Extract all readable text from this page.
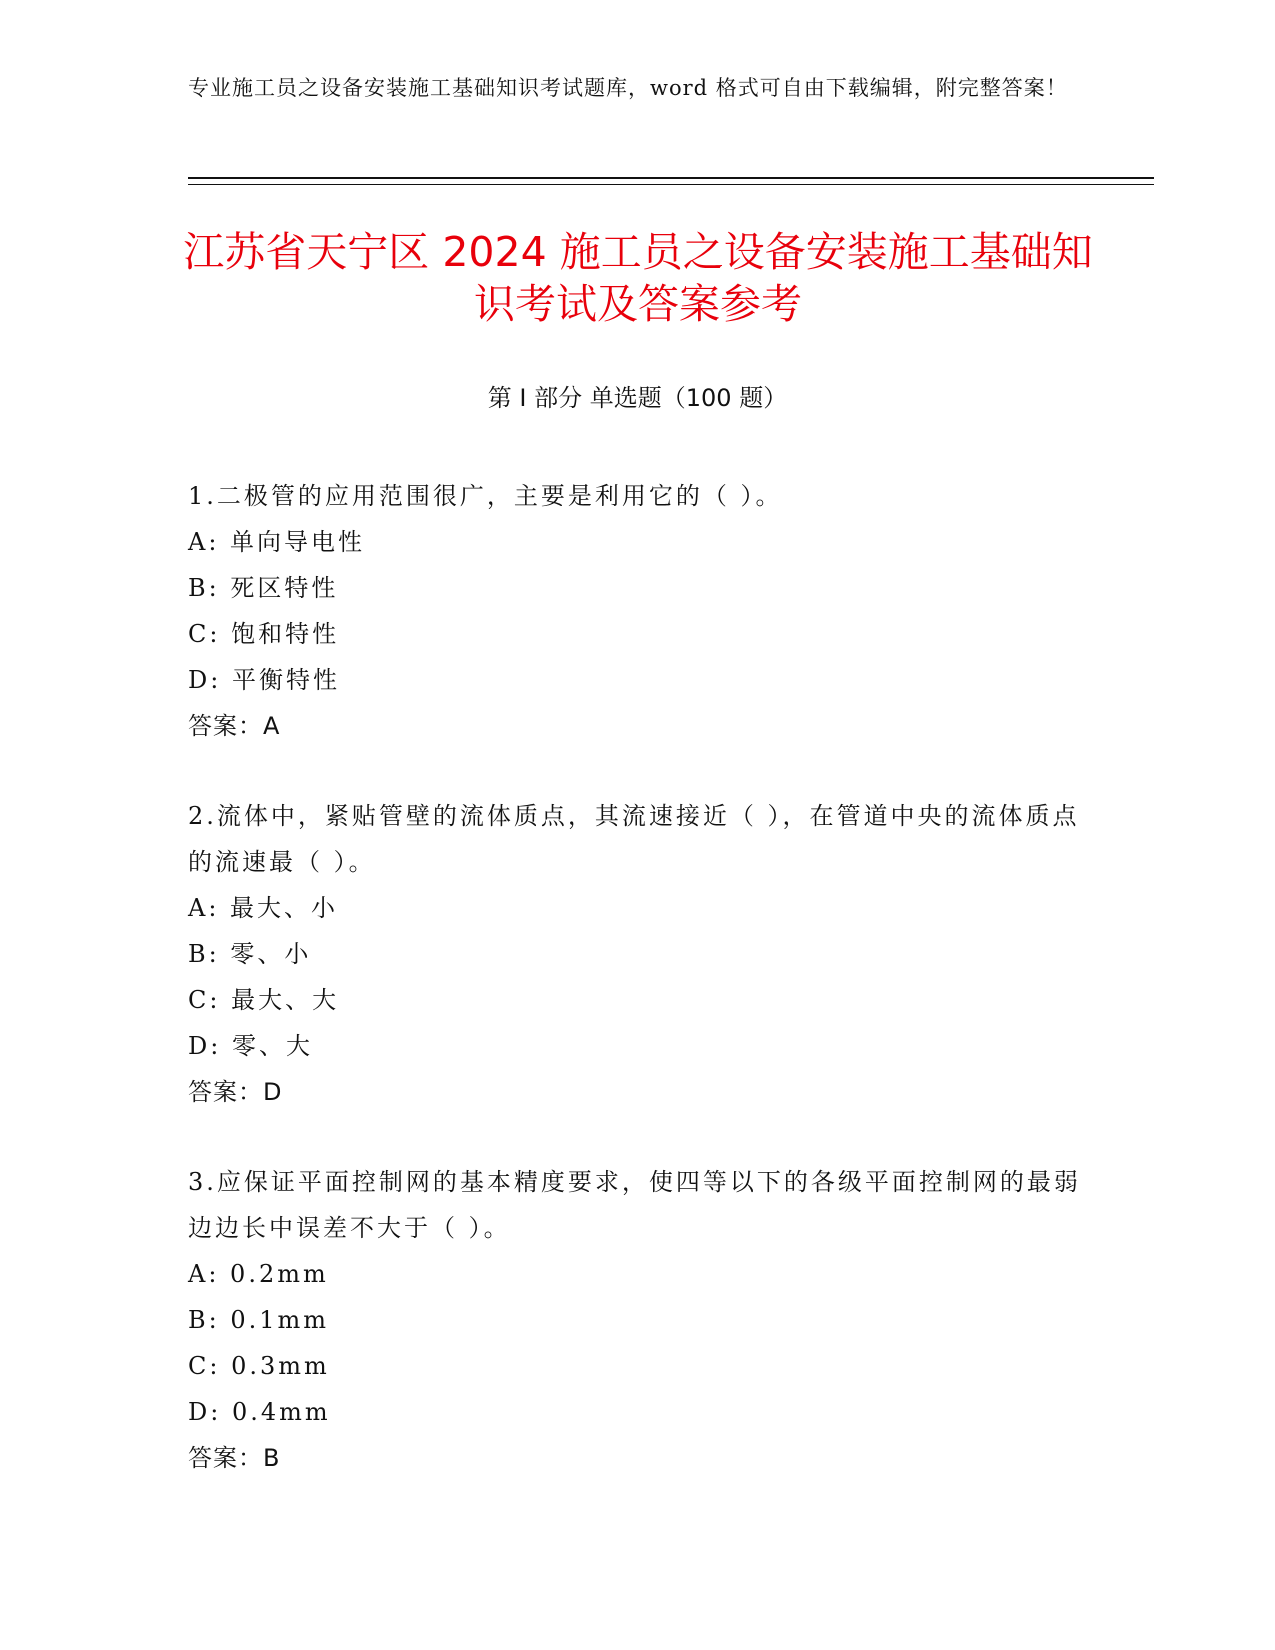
专业施工员之设备安装施工基础知识考试题库，word 格式可自由下载编辑，附完整答案！
江苏省天宁区 2024 施工员之设备安装施工基础知识考试及答案参考
第 I 部分 单选题（100 题）

1.二极管的应用范围很广，主要是利用它的（ ）。

A: 单向导电性

B: 死区特性

C: 饱和特性

D: 平衡特性

答案：A

2.流体中，紧贴管壁的流体质点，其流速接近（ ），在管道中央的流体质点的流速最（ ）。

A: 最大、小

B: 零、小

C: 最大、大

D: 零、大

答案：D

3.应保证平面控制网的基本精度要求，使四等以下的各级平面控制网的最弱边边长中误差不大于（ ）。

A: 0.2mm

B: 0.1mm

C: 0.3mm

D: 0.4mm

答案：B
